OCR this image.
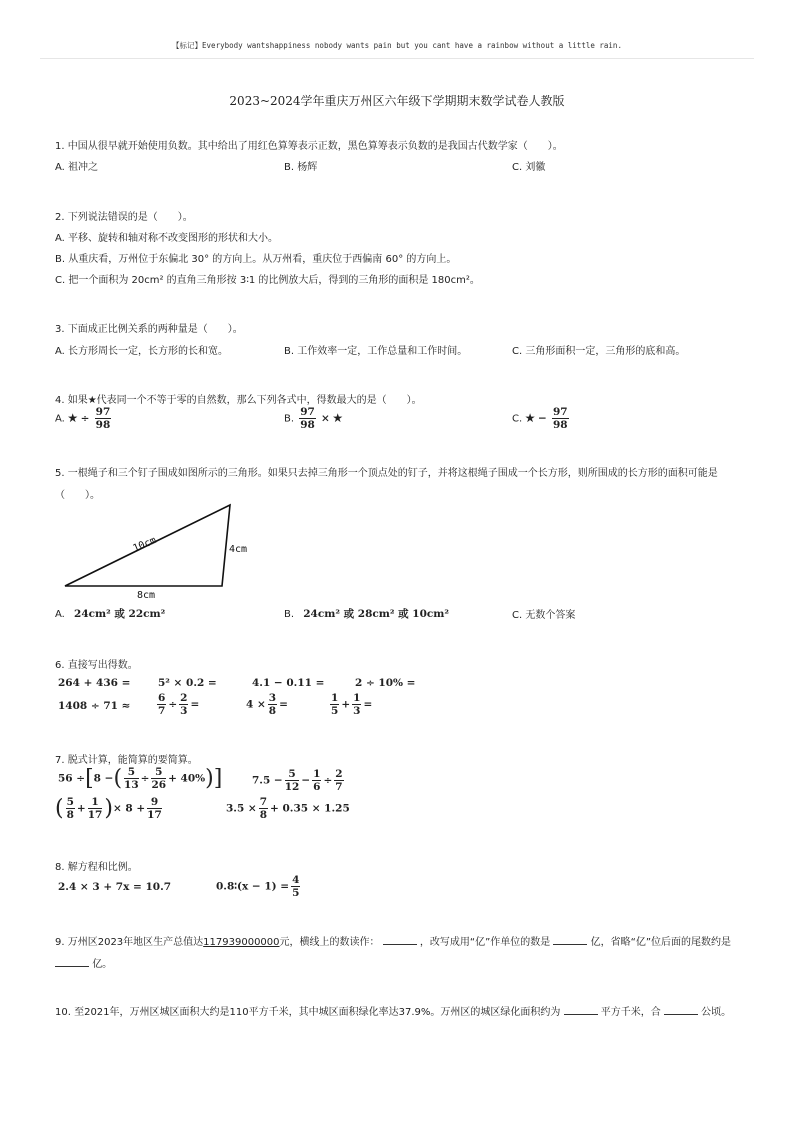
【标记】Everybody wantshappiness nobody wants pain but you cant have a rainbow without a little rain.
2023~2024学年重庆万州区六年级下学期期末数学试卷人教版
1. 中国从很早就开始使用负数。其中给出了用红色算筹表示正数，黑色算筹表示负数的是我国古代数学家（　　）。
A. 祖冲之	B. 杨辉	C. 刘徽
2. 下列说法错误的是（　　）。
A. 平移、旋转和轴对称不改变图形的形状和大小。
B. 从重庆看，万州位于东偏北 30° 的方向上。从万州看，重庆位于西偏南 60° 的方向上。
C. 把一个面积为 20cm² 的直角三角形按 3∶1 的比例放大后，得到的三角形的面积是 180cm²。
3. 下面成正比例关系的两种量是（　　）。
A. 长方形周长一定，长方形的长和宽。	B. 工作效率一定，工作总量和工作时间。	C. 三角形面积一定，三角形的底和高。
4. 如果★代表同一个不等于零的自然数，那么下列各式中，得数最大的是（　　）。
A. ★ ÷ $\frac{97}{98}$	B. $\frac{97}{98}$ × ★	C. ★ − $\frac{97}{98}$
5. 一根绳子和三个钉子围成如图所示的三角形。如果只去掉三角形一个顶点处的钉子，并将这根绳子围成一个长方形，则所围成的长方形的面积可能是（　　）。
10cm	4cm
8cm
A. 24cm² 或 22cm²	B. 24cm² 或 28cm² 或 10cm²	C. 无数个答案
6. 直接写出得数。
264 + 436 =	5² × 0.2 =	4.1 − 0.11 =	2 ÷ 10% =
1408 ÷ 71 ≈	$\frac{6}{7} \div \frac{2}{3}$ =	$4 \times \frac{3}{8}$ =	$\frac{1}{5} + \frac{1}{3}$ =
7. 脱式计算，能简算的要简算。
56 ÷[8 −( $\frac{5}{13} \div \frac{5}{26} + 40\%$)]	$7.5 - \frac{5}{12} - \frac{1}{6} \div \frac{2}{7}$
( $\frac{5}{8} + \frac{1}{17}$ )× $8 + \frac{9}{17}$	$3.5 \times \frac{7}{8} + 0.35 \times 1.25$
8. 解方程和比例。
2.4 × 3 + 7x = 10.7	0.8∶(x − $1) = \frac{4}{5}$
9. 万州区2023年地区生产总值达117939000000元，横线上的数读作：	，改写成用“亿”作单位的数是	亿，省略“亿”位后面的尾数约是  亿。
10. 至2021年，万州区城区面积大约是110平方千米，其中城区面积绿化率达37.9%。万州区的城区绿化面积约为	平方千米，合	公顷。
